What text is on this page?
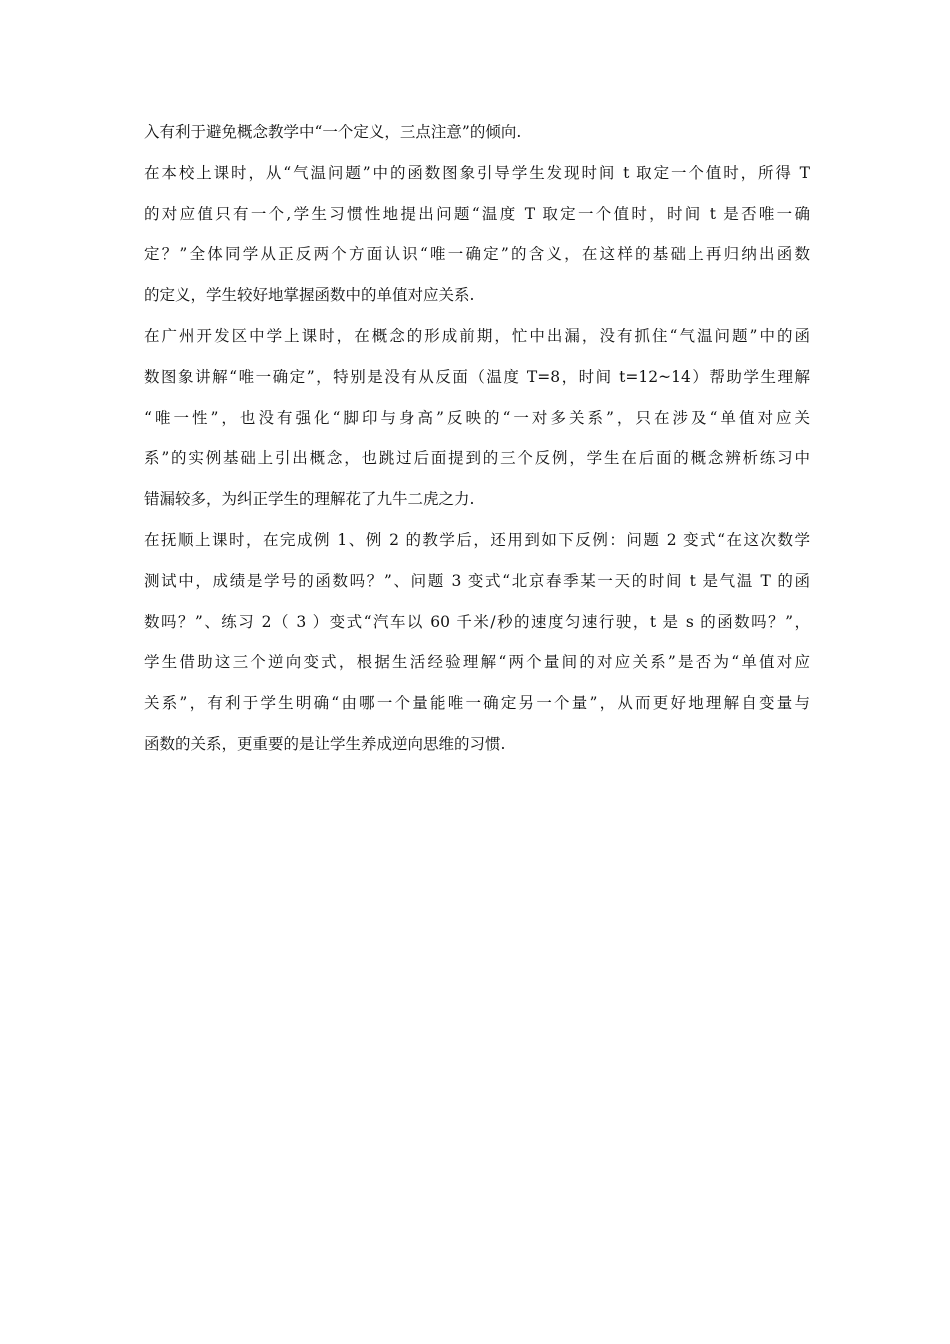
入有利于避免概念教学中“一个定义，三点注意”的倾向.
在本校上课时，从“气温问题”中的函数图象引导学生发现时间 t 取定一个值时，所得 T
的对应值只有一个,学生习惯性地提出问题“温度 T 取定一个值时，时间 t 是否唯一确
定？”全体同学从正反两个方面认识“唯一确定”的含义，在这样的基础上再归纳出函数
的定义，学生较好地掌握函数中的单值对应关系.
在广州开发区中学上课时，在概念的形成前期，忙中出漏，没有抓住“气温问题”中的函
数图象讲解“唯一确定”，特别是没有从反面（温度 T=8，时间 t=12~14）帮助学生理解
“唯一性”，也没有强化“脚印与身高”反映的“一对多关系”，只在涉及“单值对应关
系”的实例基础上引出概念，也跳过后面提到的三个反例，学生在后面的概念辨析练习中
错漏较多，为纠正学生的理解花了九牛二虎之力.
在抚顺上课时，在完成例 1、例 2 的教学后，还用到如下反例：问题 2 变式“在这次数学
测试中，成绩是学号的函数吗？”、问题 3 变式“北京春季某一天的时间 t 是气温 T 的函
数吗？”、练习 2（ 3 ）变式“汽车以 60 千米/秒的速度匀速行驶，t 是 s 的函数吗？”，
学生借助这三个逆向变式，根据生活经验理解“两个量间的对应关系”是否为“单值对应
关系”，有利于学生明确“由哪一个量能唯一确定另一个量”，从而更好地理解自变量与
函数的关系，更重要的是让学生养成逆向思维的习惯.
